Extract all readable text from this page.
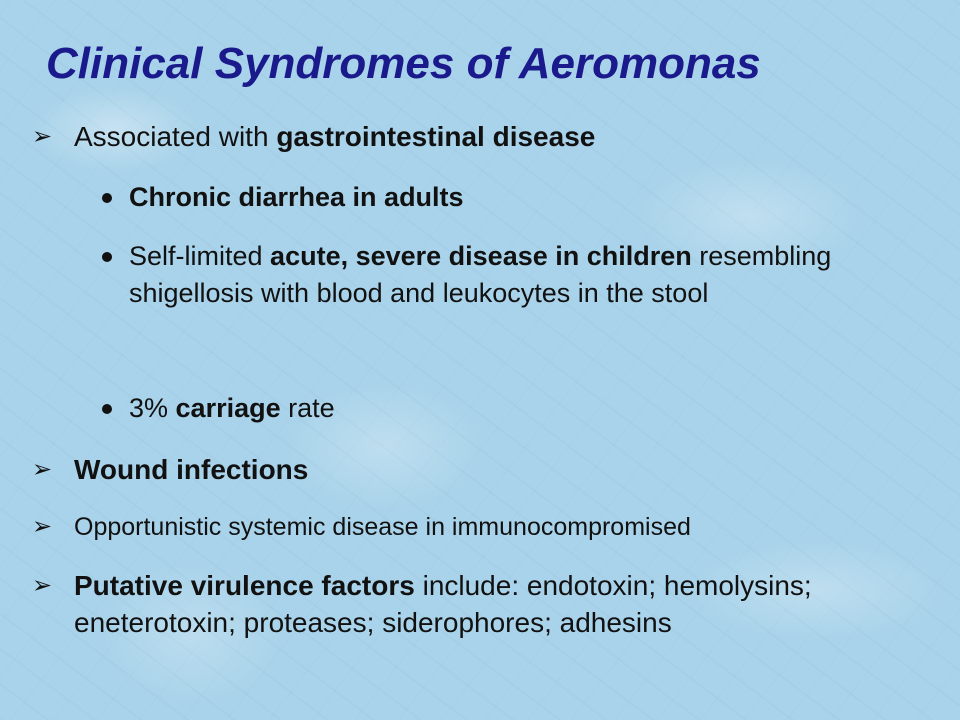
Clinical Syndromes of Aeromonas
➢ Associated with gastrointestinal disease
Chronic diarrhea in adults
Self-limited acute, severe disease in children resembling shigellosis with blood and leukocytes in the stool
3% carriage rate
➢ Wound infections
➢ Opportunistic systemic disease in immunocompromised
➢ Putative virulence factors include: endotoxin; hemolysins; eneterotoxin; proteases; siderophores; adhesins
